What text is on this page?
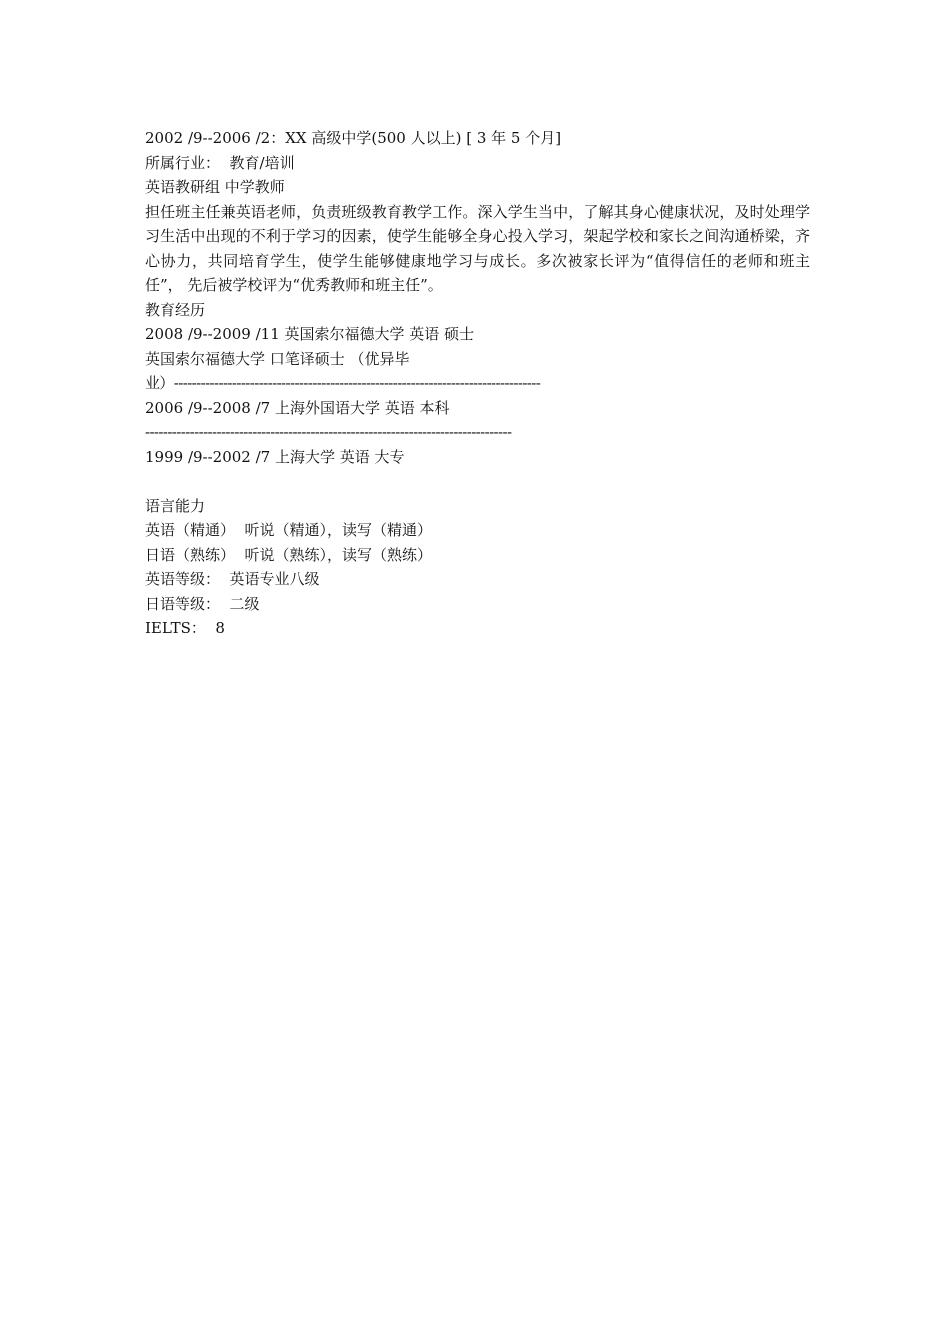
2002 /9--2006 /2：XX 高级中学(500 人以上) [ 3 年 5 个月]
所属行业：  教育/培训
英语教研组 中学教师
担任班主任兼英语老师，负责班级教育教学工作。深入学生当中，了解其身心健康状况，及时处理学习生活中出现的不利于学习的因素，使学生能够全身心投入学习，架起学校和家长之间沟通桥梁，齐心协力，共同培育学生，使学生能够健康地学习与成长。多次被家长评为“值得信任的老师和班主任”， 先后被学校评为“优秀教师和班主任”。
教育经历
2008 /9--2009 /11 英国索尔福德大学 英语 硕士
英国索尔福德大学 口笔译硕士 （优异毕
业）----------------------------------------------------------------------------------
2006 /9--2008 /7 上海外国语大学 英语 本科
----------------------------------------------------------------------------------
1999 /9--2002 /7 上海大学 英语 大专
语言能力
英语（精通）  听说（精通），读写（精通）
日语（熟练）  听说（熟练），读写（熟练）
英语等级：  英语专业八级
日语等级：  二级
IELTS：  8
